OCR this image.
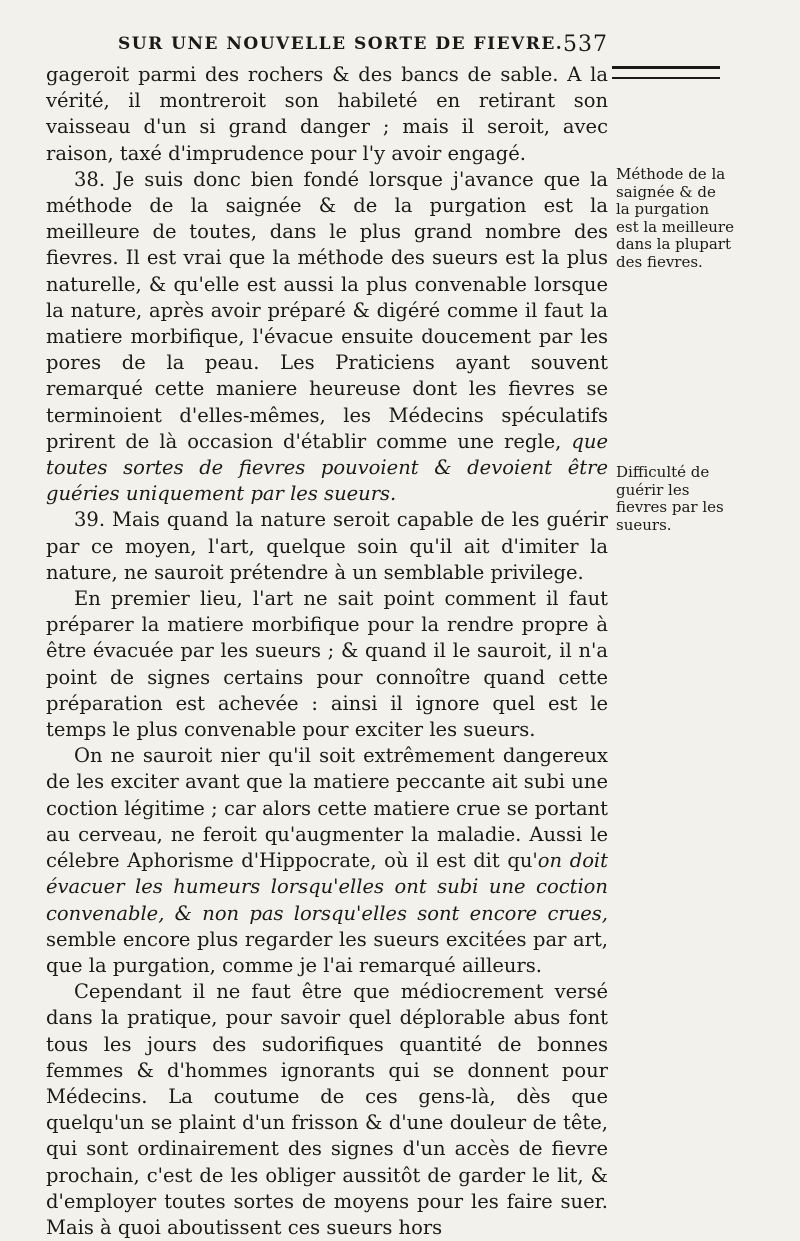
SUR UNE NOUVELLE SORTE DE FIEVRE. 537

gageroit parmi des rochers & des bancs de sable. A la vérité, il montreroit son habileté en retirant son vaisseau d'un si grand danger ; mais il seroit, avec raison, taxé d'imprudence pour l'y avoir engagé.

38. Je suis donc bien fondé lorsque j'avance que la méthode de la saignée & de la purgation est la meilleure de toutes, dans le plus grand nombre des fievres. Il est vrai que la méthode des sueurs est la plus naturelle, & qu'elle est aussi la plus convenable lorsque la nature, après avoir préparé & digéré comme il faut la matiere morbifique, l'évacue ensuite doucement par les pores de la peau. Les Praticiens ayant souvent remarqué cette maniere heureuse dont les fievres se terminoient d'elles-mêmes, les Médecins spéculatifs prirent de là occasion d'établir comme une regle, que toutes sortes de fievres pouvoient & devoient être guéries uniquement par les sueurs.

39. Mais quand la nature seroit capable de les guérir par ce moyen, l'art, quelque soin qu'il ait d'imiter la nature, ne sauroit prétendre à un semblable privilege.

En premier lieu, l'art ne sait point comment il faut préparer la matiere morbifique pour la rendre propre à être évacuée par les sueurs ; & quand il le sauroit, il n'a point de signes certains pour connoître quand cette préparation est achevée : ainsi il ignore quel est le temps le plus convenable pour exciter les sueurs.

On ne sauroit nier qu'il soit extrêmement dangereux de les exciter avant que la matiere peccante ait subi une coction légitime ; car alors cette matiere crue se portant au cerveau, ne feroit qu'augmenter la maladie. Aussi le célebre Aphorisme d'Hippocrate, où il est dit qu'on doit évacuer les humeurs lorsqu'elles ont subi une coction convenable, & non pas lorsqu'elles sont encore crues, semble encore plus regarder les sueurs excitées par art, que la purgation, comme je l'ai remarqué ailleurs.

Cependant il ne faut être que médiocrement versé dans la pratique, pour savoir quel déplorable abus font tous les jours des sudorifiques quantité de bonnes femmes & d'hommes ignorants qui se donnent pour Médecins. La coutume de ces gens-là, dès que quelqu'un se plaint d'un frisson & d'une douleur de tête, qui sont ordinairement des signes d'un accès de fievre prochain, c'est de les obliger aussitôt de garder le lit, & d'employer toutes sortes de moyens pour les faire suer. Mais à quoi aboutissent ces sueurs hors

Méthode de la saignée & de la purgation est la meilleure dans la plupart des fievres.
Difficulté de guérir les fievres par les sueurs.
